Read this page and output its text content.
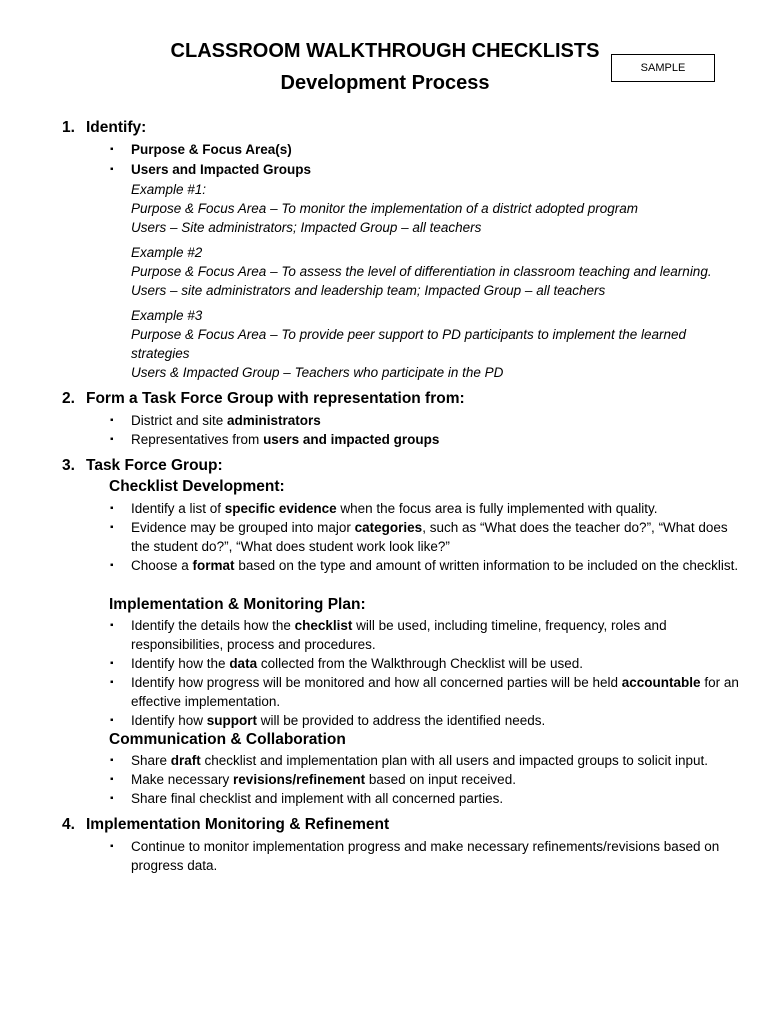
CLASSROOM WALKTHROUGH CHECKLISTS
Development Process
SAMPLE
1. Identify:
▪ Purpose & Focus Area(s)
▪ Users and Impacted Groups
Example #1:
Purpose & Focus Area – To monitor the implementation of a district adopted program
Users – Site administrators; Impacted Group – all teachers
Example #2
Purpose & Focus Area – To assess the level of differentiation in classroom teaching and learning.
Users – site administrators and leadership team; Impacted Group – all teachers
Example #3
Purpose & Focus Area – To provide peer support to PD participants to implement the learned strategies
Users & Impacted Group – Teachers who participate in the PD
2. Form a Task Force Group with representation from:
▪ District and site administrators
▪ Representatives from users and impacted groups
3. Task Force Group:
Checklist Development:
▪ Identify a list of specific evidence when the focus area is fully implemented with quality.
▪ Evidence may be grouped into major categories, such as “What does the teacher do?”, “What does the student do?”, “What does student work look like?”
▪ Choose a format based on the type and amount of written information to be included on the checklist.
Implementation & Monitoring Plan:
▪ Identify the details how the checklist will be used, including timeline, frequency, roles and responsibilities, process and procedures.
▪ Identify how the data collected from the Walkthrough Checklist will be used.
▪ Identify how progress will be monitored and how all concerned parties will be held accountable for an effective implementation.
▪ Identify how support will be provided to address the identified needs.
Communication & Collaboration
▪ Share draft checklist and implementation plan with all users and impacted groups to solicit input.
▪ Make necessary revisions/refinement based on input received.
▪ Share final checklist and implement with all concerned parties.
4. Implementation Monitoring & Refinement
▪ Continue to monitor implementation progress and make necessary refinements/revisions based on progress data.
